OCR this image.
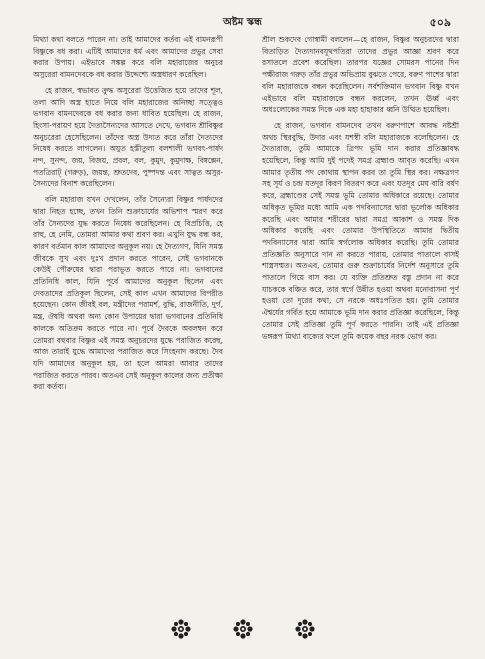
অষ্টম স্কন্ধ	৫০৯

মিথ্যা কথা বলতে পারেন না। তাই আমাদের কর্তব্য এই বামনরূপী বিষ্ণুকে বধ করা। এটিই আমাদের ধর্ম এবং আমাদের প্রভুর সেবা করার উপায়। এইভাবে সঙ্কল্প করে বলি মহারাজের অনুচর অসুরেরা বামনদেবকে বধ করার উদ্দেশ্যে অস্ত্রধারণ করেছিল।

হে রাজন, স্বভাবত ক্রুদ্ধ অসুরেরা উত্তেজিত হয়ে তাদের শূল, তলা আদি অস্ত্র হাতে নিয়ে বলি মহারাজের অনিচ্ছা সত্ত্বেও ভগবান বামনদেবকে বধ করার জন্য ধাবিত হয়েছিল। হে রাজন, হিংসা-পরায়ণ হয়ে দৈত্যসৈন্যদের আসতে দেখে, ভগবান শ্রীবিষ্ণুর অনুচরেরা হেসেছিলেন। তাঁদের অস্ত্র উদ্যত করে তাঁরা দৈত্যদের নিষেধ করতে লাগলেন। অযুত হস্তীতুল্য বলশালী ভগবৎ-পার্ষদ নন্দ, সুনন্দ, জয়, বিজয়, প্রবল, বল, কুমুদ, কুমুদাক্ষ, বিষ্বক্সেন, পতত্রিরাট্ (গরুড়), জয়ন্ত, শ্রুতদেব, পুষ্পদন্ত এবং সাত্বত অসুর-সৈন্যদের বিনাশ করেছিলেন।

বলি মহারাজ যখন দেখলেন, তাঁর সৈন্যেরা বিষ্ণুর পার্ষদদের দ্বারা নিহত হচ্ছে, তখন তিনি শুক্রাচার্যের অভিশাপ স্মরণ করে তাঁর সৈন্যদের যুদ্ধ করতে নিষেধ করেছিলেন। হে বিপ্রচিত্তি, হে রাহু, হে নেমি, তোমরা আমার কথা শ্রবণ কর। এখুনি যুদ্ধ বন্ধ কর, কারণ বর্তমান কাল আমাদের অনুকূল নয়। হে দৈত্যগণ, যিনি সমস্ত জীবকে সুখ এবং দুঃখ প্রদান করতে পারেন, সেই ভগবানকে কেউই পৌরুষের দ্বারা পরাভূত করতে পারে না। ভগবানের প্রতিনিধি কাল, যিনি পূর্বে আমাদের অনুকূল ছিলেন এবং দেবতাদের প্রতিকূল ছিলেন, সেই কাল এখন আমাদের বিপরীত হয়েছেন। কোন জীবই বল, মন্ত্রীদের পরামর্শ, বুদ্ধি, রাজনীতি, দুর্গ, মন্ত্র, ঔষধি অথবা অন্য কোন উপায়ের দ্বারা ভগবানের প্রতিনিধি কালকে অতিক্রম করতে পারে না। পূর্বে দৈবকে অবলম্বন করে তোমরা বহুবার বিষ্ণুর এই সমস্ত অনুচরদের যুদ্ধে পরাজিত করেছ, আজ তারাই যুদ্ধে আমাদের পরাজিত করে সিংহনাদ করছে। দৈব যদি আমাদের অনুকূল হয়, তা হলে আমরা আবার তাদের পরাজিত করতে পারব। অতএব সেই অনুকূল কালের জন্য প্রতীক্ষা করা কর্তব্য।

শ্রীল শুকদেব গোস্বামী বললেন—হে রাজন, বিষ্ণুর অনুচরদের দ্বারা বিতাড়িত দৈত্যদানবযূথপতিরা তাদের প্রভুর আজ্ঞা শ্রবণ করে রসাতলে প্রবেশ করেছিল। তারপর যজ্ঞের সোমরস পানের দিন পক্ষীরাজ গরুড় তাঁর প্রভুর অভিপ্রায় বুঝতে পেরে, বরুণ পাশের দ্বারা বলি মহারাজকে বন্ধন করেছিলেন। সর্বশক্তিমান ভগবান বিষ্ণু যখন এইভাবে বলি মহারাজকে বন্ধন করলেন, তখন ঊর্ধ্ব এবং অধঃলোকের সমস্ত দিকে এক মহা হাহাকার ধ্বনি উত্থিত হয়েছিল।

হে রাজন, ভগবান বামনদেব তখন বরুণপাশে আবদ্ধ নষ্টশ্রী অথচ স্থিরবুদ্ধি, উদার এবং যশস্বী বলি মহারাজকে বলেছিলেন। হে দৈত্যরাজ, তুমি আমাকে ত্রিপদ ভূমি দান করার প্রতিজ্ঞাবদ্ধ হয়েছিলে, কিন্তু আমি দুই পদেই সমগ্র ব্রহ্মাণ্ড আবৃত করেছি। এখন আমার তৃতীয় পদ কোথায় স্থাপন করব তা তুমি স্থির কর। নক্ষত্রগণ সহ সূর্য ও চন্দ্র যতদূর কিরণ বিতরণ করে এবং যতদূর মেঘ বারি বর্ষণ করে, ব্রহ্মাণ্ডের সেই সমস্ত ভূমি তোমার অধিকারে রয়েছে। তোমার অধিকৃত ভূমির মধ্যে আমি এক পদবিন্যাসের দ্বারা ভূর্লোক অধিকার করেছি এবং আমার শরীরের দ্বারা সমগ্র আকাশ ও সমস্ত দিক অধিকার করেছি এবং তোমার উপস্থিতিতে আমার দ্বিতীয় পদবিন্যাসের দ্বারা আমি স্বর্গলোক অধিকার করেছি। তুমি তোমার প্রতিজ্ঞতি অনুসারে দান না করতে পারায়, তোমার পাতালে বাসই শাস্ত্রসম্মত। অতএব, তোমার গুরু শুক্রাচার্যের নির্দেশ অনুসারে তুমি পাতালে গিয়ে বাস কর। যে ব্যক্তি প্রতিশ্রুত বস্তু প্রদান না করে যাচককে বঞ্চিত করে, তার স্বর্গে উন্নীত হওয়া অথবা মনোবাসনা পূর্ণ হওয়া তো দূরের কথা, সে নরকে অধঃপতিত হয়। তুমি তোমার ঐশ্বর্যের গর্বিত হয়ে আমাকে ভূমি দান করার প্রতিজ্ঞা করেছিলে, কিন্তু তোমার সেই প্রতিজ্ঞা তুমি পূর্ণ করতে পারনি। তাই এই প্রতিজ্ঞা ভঙ্গরূপ মিথ্যা বাক্যের ফলে তুমি কয়েক বছর নরক ভোগ কর।
